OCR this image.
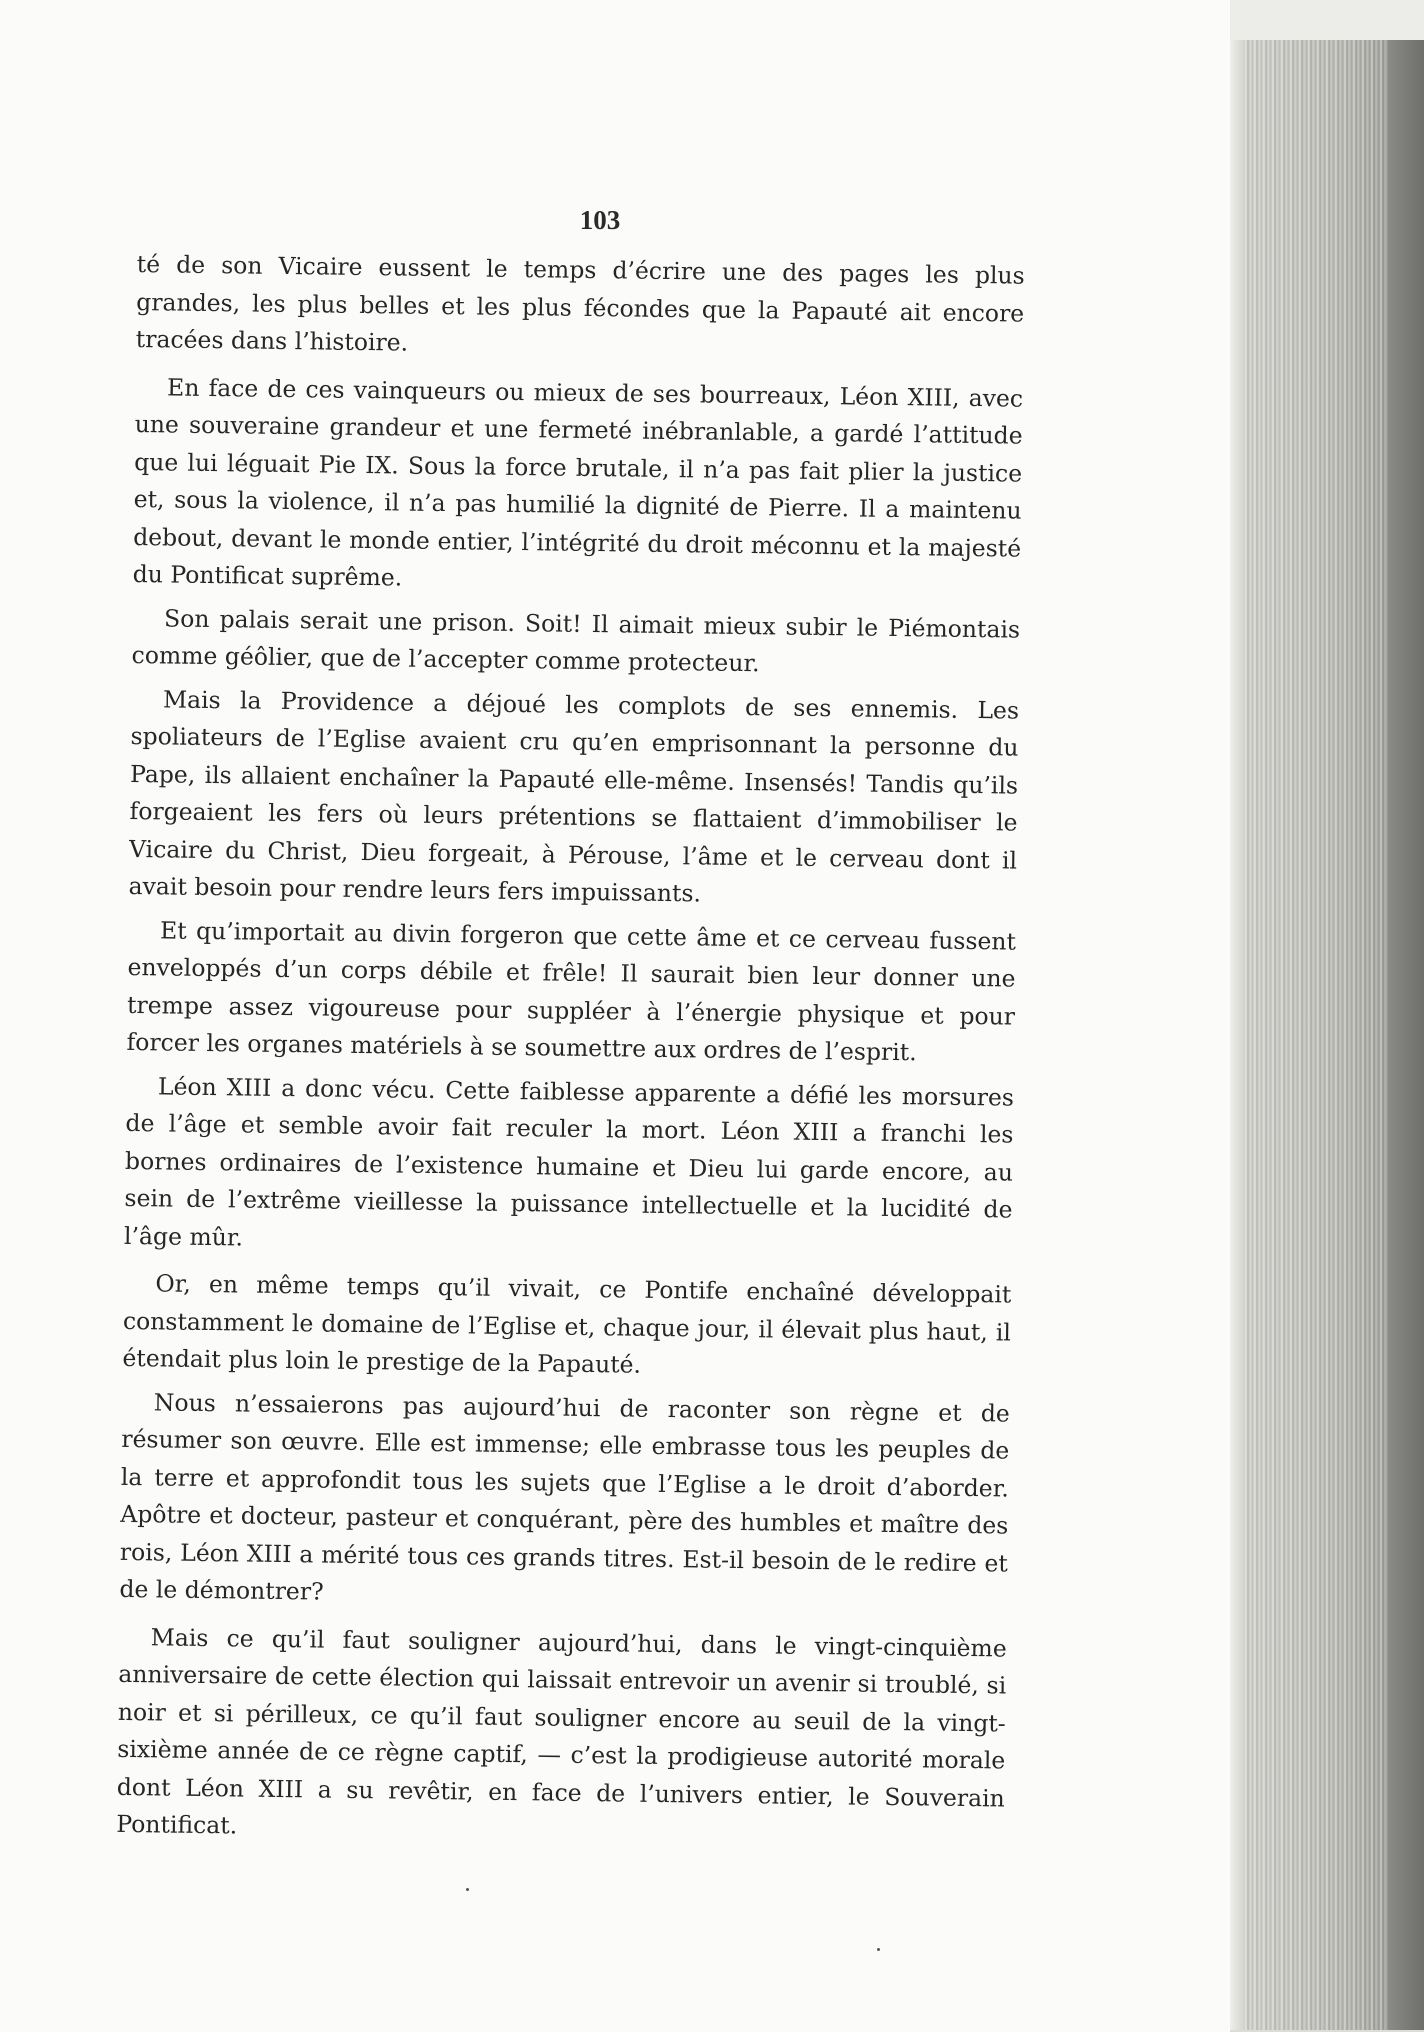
103

té de son Vicaire eussent le temps d’écrire une des pages les plus grandes, les plus belles et les plus fécondes que la Papauté ait encore tracées dans l’histoire.

En face de ces vainqueurs ou mieux de ses bourreaux, Léon XIII, avec une souveraine grandeur et une fermeté inébranlable, a gardé l’attitude que lui léguait Pie IX. Sous la force brutale, il n’a pas fait plier la justice et, sous la violence, il n’a pas humilié la dignité de Pierre. Il a maintenu debout, devant le monde entier, l’intégrité du droit méconnu et la majesté du Pontificat suprême.

Son palais serait une prison. Soit! Il aimait mieux subir le Piémontais comme géôlier, que de l’accepter comme protecteur.

Mais la Providence a déjoué les complots de ses ennemis. Les spoliateurs de l’Eglise avaient cru qu’en emprisonnant la personne du Pape, ils allaient enchaîner la Papauté elle-même. Insensés! Tandis qu’ils forgeaient les fers où leurs prétentions se flattaient d’immobiliser le Vicaire du Christ, Dieu forgeait, à Pérouse, l’âme et le cerveau dont il avait besoin pour rendre leurs fers impuissants.

Et qu’importait au divin forgeron que cette âme et ce cerveau fussent enveloppés d’un corps débile et frêle! Il saurait bien leur donner une trempe assez vigoureuse pour suppléer à l’énergie physique et pour forcer les organes matériels à se soumettre aux ordres de l’esprit.

Léon XIII a donc vécu. Cette faiblesse apparente a défié les morsures de l’âge et semble avoir fait reculer la mort. Léon XIII a franchi les bornes ordinaires de l’existence humaine et Dieu lui garde encore, au sein de l’extrême vieillesse la puissance intellectuelle et la lucidité de l’âge mûr.

Or, en même temps qu’il vivait, ce Pontife enchaîné développait constamment le domaine de l’Eglise et, chaque jour, il élevait plus haut, il étendait plus loin le prestige de la Papauté.

Nous n’essaierons pas aujourd’hui de raconter son règne et de résumer son œuvre. Elle est immense; elle embrasse tous les peuples de la terre et approfondit tous les sujets que l’Eglise a le droit d’aborder. Apôtre et docteur, pasteur et conquérant, père des humbles et maître des rois, Léon XIII a mérité tous ces grands titres. Est-il besoin de le redire et de le démontrer?

Mais ce qu’il faut souligner aujourd’hui, dans le vingt-cinquième anniversaire de cette élection qui laissait entrevoir un avenir si troublé, si noir et si périlleux, ce qu’il faut souligner encore au seuil de la vingt-sixième année de ce règne captif, — c’est la prodigieuse autorité morale dont Léon XIII a su revêtir, en face de l’univers entier, le Souverain Pontificat.
